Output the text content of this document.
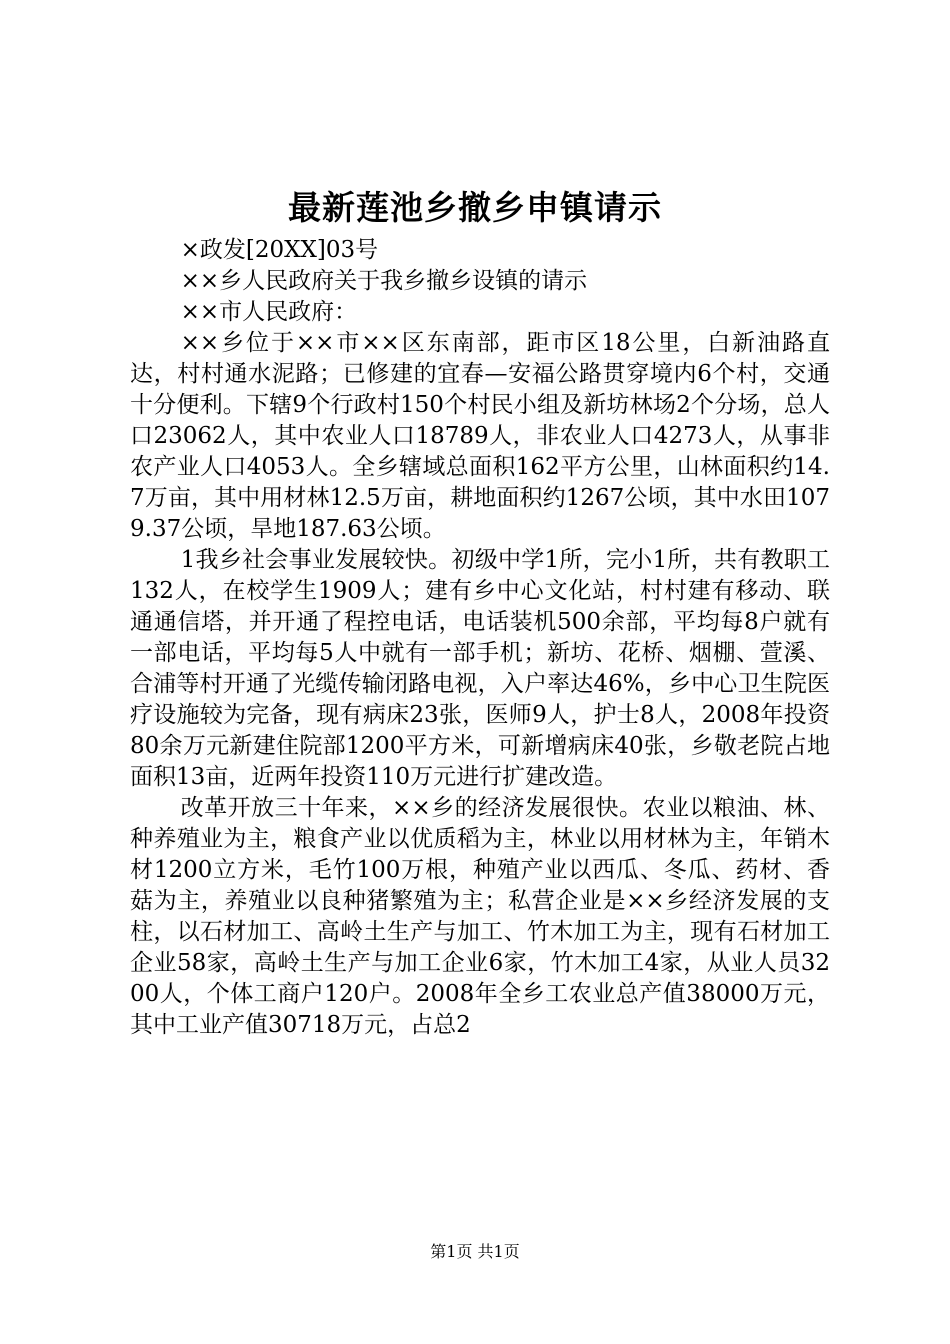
最新莲池乡撤乡申镇请示

×政发[20XX]03号

××乡人民政府关于我乡撤乡设镇的请示

××市人民政府：

××乡位于××市××区东南部，距市区18公里，白新油路直达，村村通水泥路；已修建的宜春—安福公路贯穿境内6个村，交通十分便利。下辖9个行政村150个村民小组及新坊林场2个分场，总人口23062人，其中农业人口18789人，非农业人口4273人，从事非农产业人口4053人。全乡辖域总面积162平方公里，山林面积约14.7万亩，其中用材林12.5万亩，耕地面积约1267公顷，其中水田1079.37公顷，旱地187.63公顷。

1我乡社会事业发展较快。初级中学1所，完小1所，共有教职工132人，在校学生1909人；建有乡中心文化站，村村建有移动、联通通信塔，并开通了程控电话，电话装机500余部，平均每8户就有一部电话，平均每5人中就有一部手机；新坊、花桥、烟棚、萱溪、合浦等村开通了光缆传输闭路电视，入户率达46%，乡中心卫生院医疗设施较为完备，现有病床23张，医师9人，护士8人，2008年投资80余万元新建住院部1200平方米，可新增病床40张，乡敬老院占地面积13亩，近两年投资110万元进行扩建改造。

改革开放三十年来，××乡的经济发展很快。农业以粮油、林、种养殖业为主，粮食产业以优质稻为主，林业以用材林为主，年销木材1200立方米，毛竹100万根，种殖产业以西瓜、冬瓜、药材、香菇为主，养殖业以良种猪繁殖为主；私营企业是××乡经济发展的支柱，以石材加工、高岭土生产与加工、竹木加工为主，现有石材加工企业58家，高岭土生产与加工企业6家，竹木加工4家，从业人员3200人，个体工商户120户。2008年全乡工农业总产值38000万元，其中工业产值30718万元，占总2

第1页 共1页
